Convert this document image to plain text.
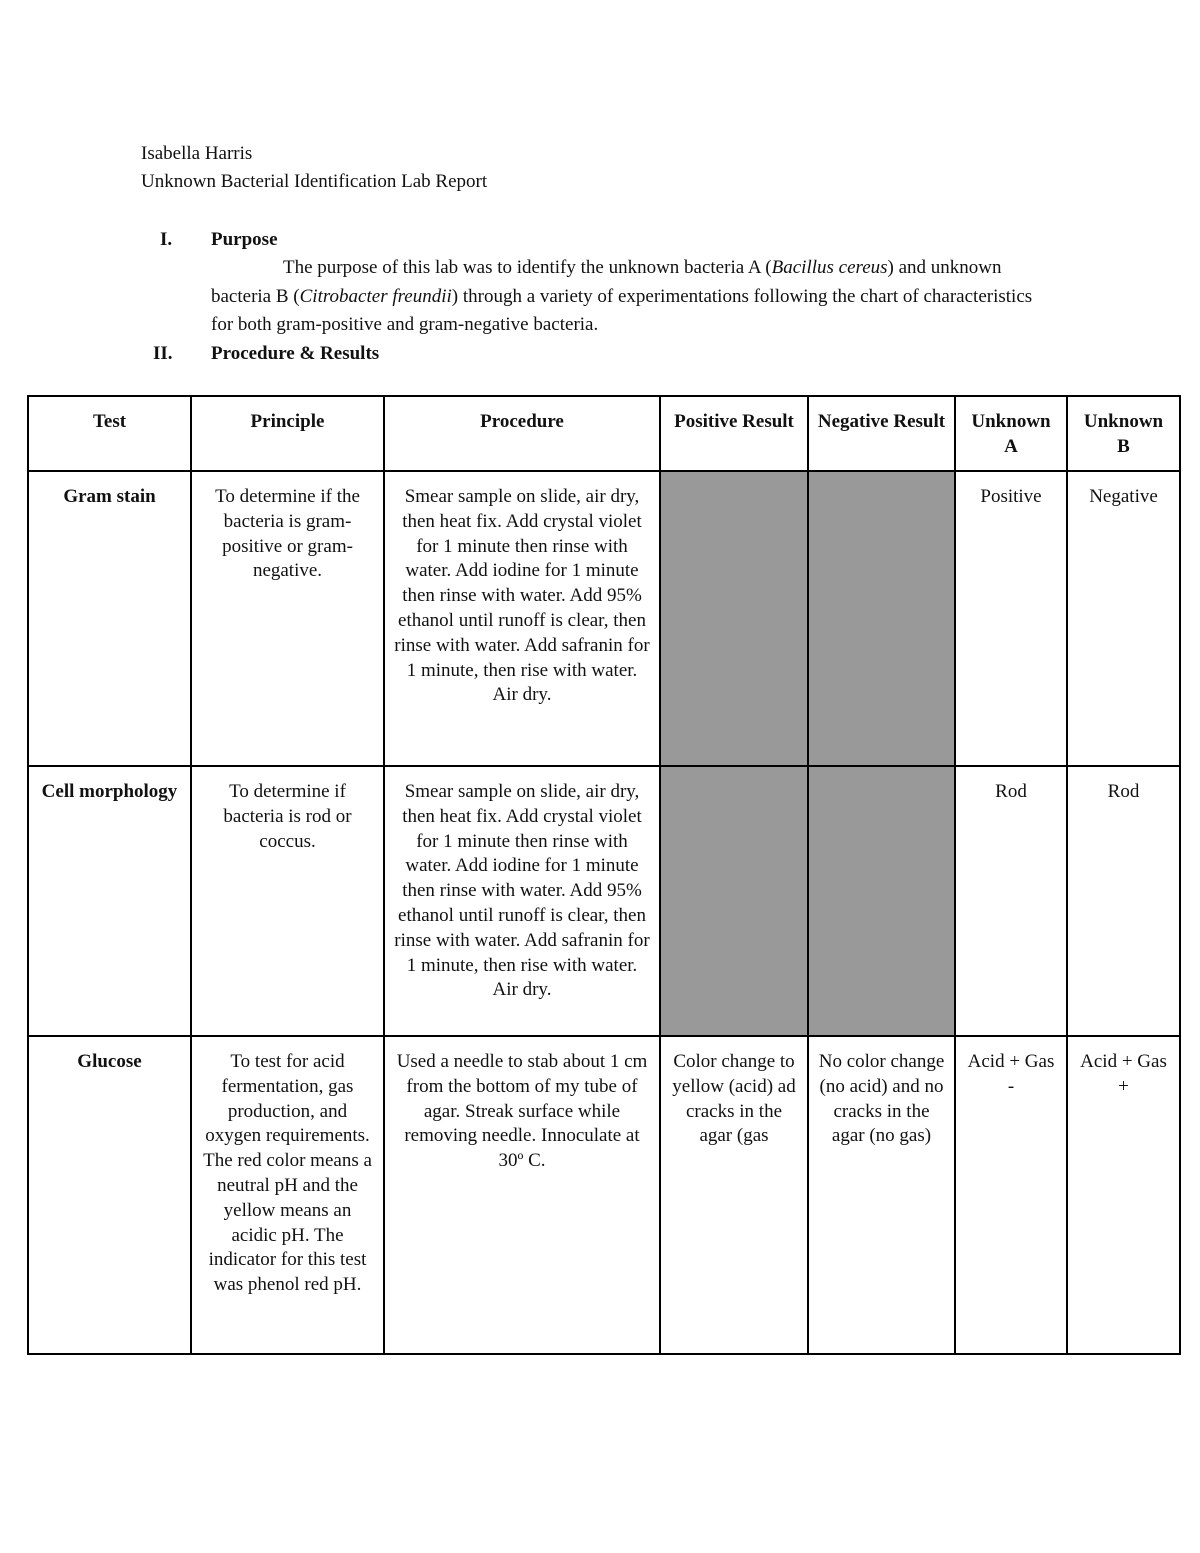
Isabella Harris
Unknown Bacterial Identification Lab Report
I. Purpose
The purpose of this lab was to identify the unknown bacteria A (Bacillus cereus) and unknown bacteria B (Citrobacter freundii) through a variety of experimentations following the chart of characteristics for both gram-positive and gram-negative bacteria.
II. Procedure & Results
Test	Principle	Procedure	Positive Result	Negative Result	Unknown A	Unknown B
Gram stain	To determine if the bacteria is gram-positive or gram-negative.	Smear sample on slide, air dry, then heat fix. Add crystal violet for 1 minute then rinse with water. Add iodine for 1 minute then rinse with water. Add 95% ethanol until runoff is clear, then rinse with water. Add safranin for 1 minute, then rise with water. Air dry.			Positive	Negative
Cell morphology	To determine if bacteria is rod or coccus.	Smear sample on slide, air dry, then heat fix. Add crystal violet for 1 minute then rinse with water. Add iodine for 1 minute then rinse with water. Add 95% ethanol until runoff is clear, then rinse with water. Add safranin for 1 minute, then rise with water. Air dry.			Rod	Rod
Glucose	To test for acid fermentation, gas production, and oxygen requirements. The red color means a neutral pH and the yellow means an acidic pH. The indicator for this test was phenol red pH.	Used a needle to stab about 1 cm from the bottom of my tube of agar. Streak surface while removing needle. Innoculate at 30º C.	Color change to yellow (acid) ad cracks in the agar (gas	No color change (no acid) and no cracks in the agar (no gas)	Acid + Gas -	Acid + Gas +
